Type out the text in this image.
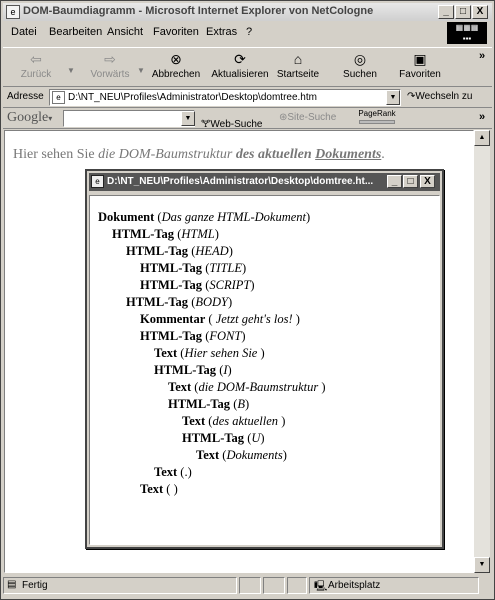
e DOM-Baumdiagramm - Microsoft Internet Explorer von NetCologne	_	□	X
Datei Bearbeiten Ansicht Favoriten Extras ?	▦▦▦
▪▪▪
⇦
Zurück	▼
⇨
Vorwärts ▼
⊗
Abbrechen
⟳
Aktualisieren
⌂
Startseite
◎
Suchen
▣
Favoriten
»
Adresse	e D:\NT_NEU\Profiles\Administrator\Desktop\domtree.htm	▼	↷Wechseln zu
Google▾	▼
🝖Web-Suche
⊛Site-Suche	PageRank	»
▲
▼
Hier sehen Sie die DOM-Baumstruktur des aktuellen Dokuments.
e D:\NT_NEU\Profiles\Administrator\Desktop\domtree.ht...	_	□	X
Dokument (Das ganze HTML-Dokument)
HTML-Tag (HTML)
HTML-Tag (HEAD)
HTML-Tag (TITLE)
HTML-Tag (SCRIPT)
HTML-Tag (BODY)
Kommentar ( Jetzt geht's los! )
HTML-Tag (FONT)
Text (Hier sehen Sie )
HTML-Tag (I)
Text (die DOM-Baumstruktur )
HTML-Tag (B)
Text (des aktuellen )
HTML-Tag (U)
Text (Dokuments)
Text (.)
Text ( )
▤ Fertig	🖳 Arbeitsplatz
